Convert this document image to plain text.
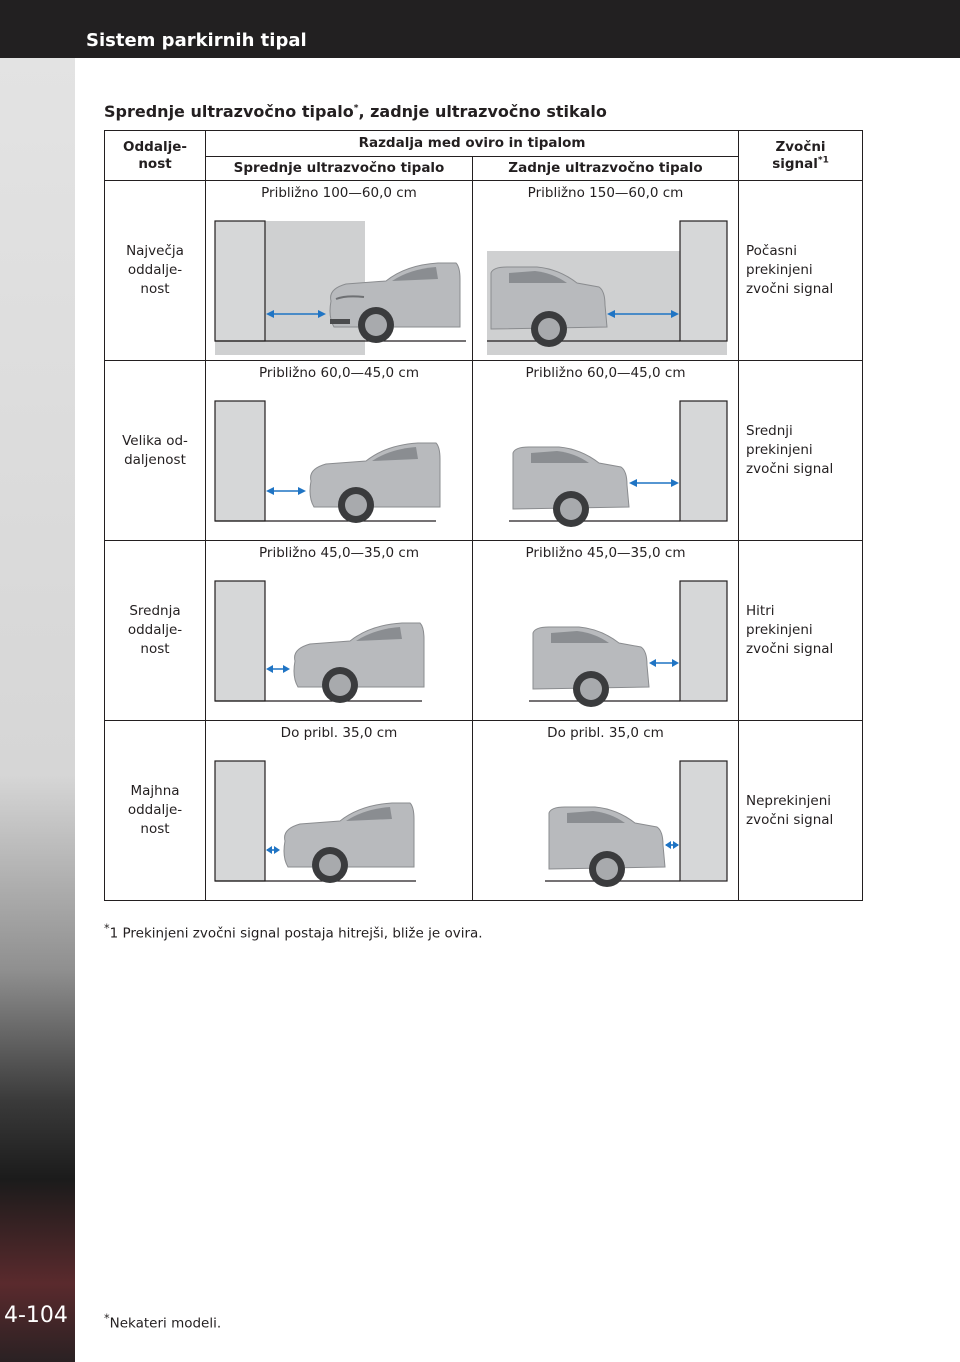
Sistem parkirnih tipal
4-104
Sprednje ultrazvočno tipalo*, zadnje ultrazvočno stikalo
Oddalje-
nost	Razdalja med oviro in tipalom		Zvočni
signal$^{*1}$
	Sprednje ultrazvočno tipalo	Zadnje ultrazvočno tipalo	
Največja
oddalje-
nost	Približno 100—60,0 cm	Približno 150—60,0 cm	Počasni
prekinjeni
zvočni signal
Velika od-
daljenost	Približno 60,0—45,0 cm	Približno 60,0—45,0 cm	Srednji
prekinjeni
zvočni signal
Srednja
oddalje-
nost	Približno 45,0—35,0 cm	Približno 45,0—35,0 cm	Hitri
prekinjeni
zvočni signal
Majhna
oddalje-
nost	Do pribl. 35,0 cm	Do pribl. 35,0 cm	Neprekinjeni
zvočni signal
*1 Prekinjeni zvočni signal postaja hitrejši, bliže je ovira.
*Nekateri modeli.
